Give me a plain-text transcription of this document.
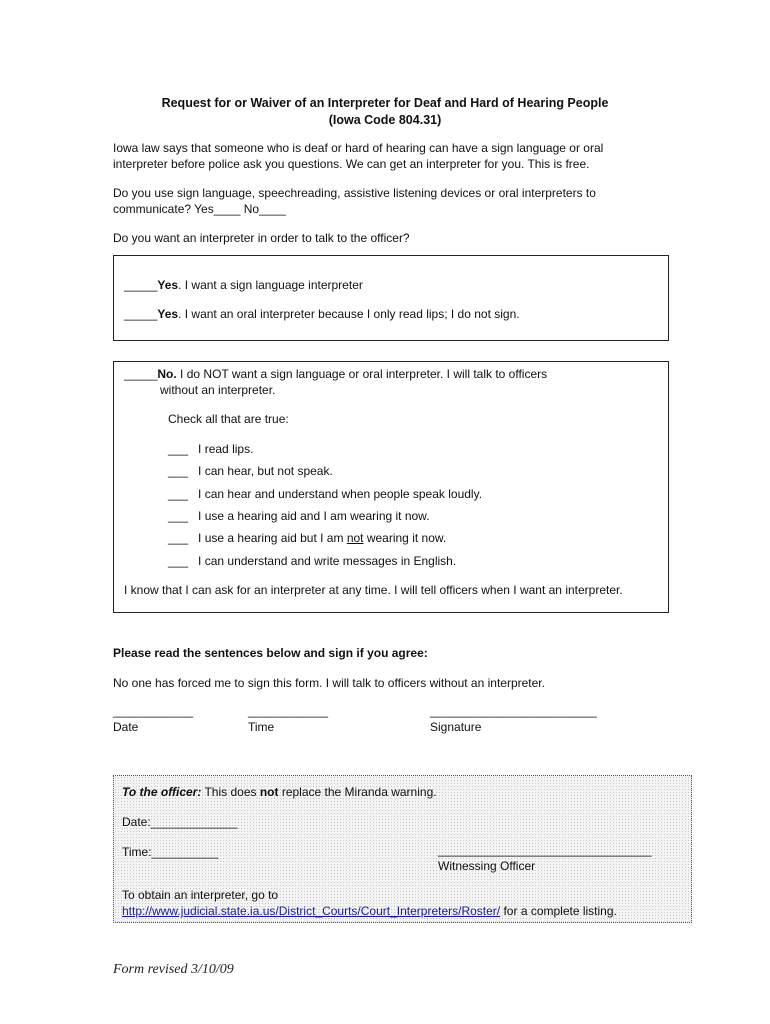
Request for or Waiver of an Interpreter for Deaf and Hard of Hearing People
(Iowa Code 804.31)
Iowa law says that someone who is deaf or hard of hearing can have a sign language or oral
interpreter before police ask you questions. We can get an interpreter for you. This is free.
Do you use sign language, speechreading, assistive listening devices or oral interpreters to
communicate? Yes____ No____
Do you want an interpreter in order to talk to the officer?
_____Yes. I want a sign language interpreter
_____Yes. I want an oral interpreter because I only read lips; I do not sign.
_____No. I do NOT want a sign language or oral interpreter. I will talk to officers
without an interpreter.
Check all that are true:
___ I read lips.
___ I can hear, but not speak.
___ I can hear and understand when people speak loudly.
___ I use a hearing aid and I am wearing it now.
___ I use a hearing aid but I am not wearing it now.
___ I can understand and write messages in English.
I know that I can ask for an interpreter at any time. I will tell officers when I want an interpreter.
Please read the sentences below and sign if you agree:
No one has forced me to sign this form. I will talk to officers without an interpreter.
____________
Date
____________
Time
_________________________
Signature
To the officer: This does not replace the Miranda warning.
Date:_____________
Time:__________	________________________________
Witnessing Officer
To obtain an interpreter, go to
http://www.judicial.state.ia.us/District_Courts/Court_Interpreters/Roster/ for a complete listing.
Form revised 3/10/09
